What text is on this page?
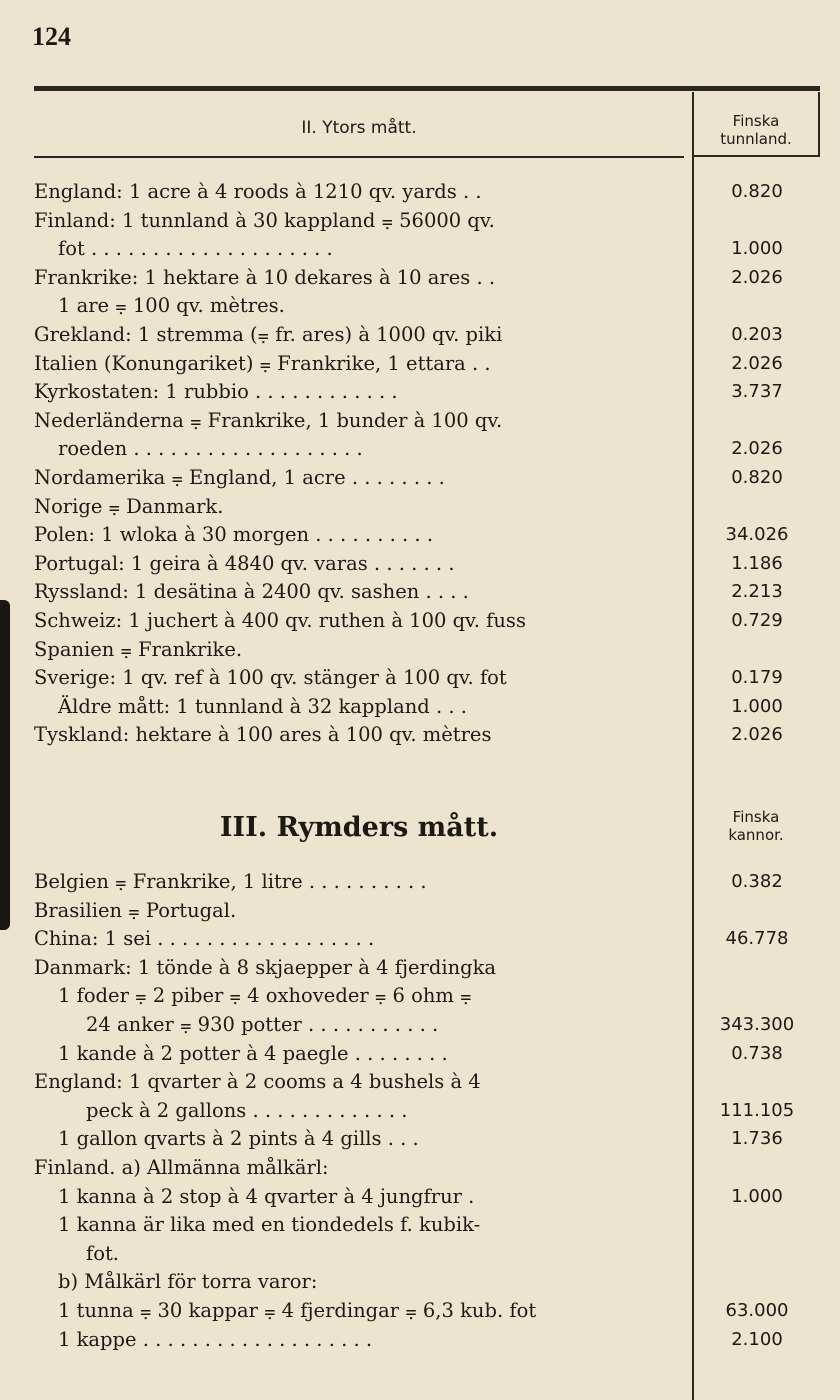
124
II. Ytors mått.	Finska
tunnland.
England: 1 acre à 4 roods à 1210 qv. yards . .	0.820
Finland: 1 tunnland à 30 kappland ⩦ 56000 qv.
fot . . . . . . . . . . . . . . . . . . . .	1.000
Frankrike: 1 hektare à 10 dekares à 10 ares . .	2.026
1 are ⩦ 100 qv. mètres.
Grekland: 1 stremma (⩦ fr. ares) à 1000 qv. piki	0.203
Italien (Konungariket) ⩦ Frankrike, 1 ettara . .	2.026
Kyrkostaten: 1 rubbio . . . . . . . . . . . .	3.737
Nederländerna ⩦ Frankrike, 1 bunder à 100 qv.
roeden . . . . . . . . . . . . . . . . . . .	2.026
Nordamerika ⩦ England, 1 acre . . . . . . . .	0.820
Norige ⩦ Danmark.
Polen: 1 wloka à 30 morgen . . . . . . . . . .	34.026
Portugal: 1 geira à 4840 qv. varas . . . . . . .	1.186
Ryssland: 1 desätina à 2400 qv. sashen . . . .	2.213
Schweiz: 1 juchert à 400 qv. ruthen à 100 qv. fuss	0.729
Spanien ⩦ Frankrike.
Sverige: 1 qv. ref à 100 qv. stänger à 100 qv. fot	0.179
Äldre mått: 1 tunnland à 32 kappland . . .	1.000
Tyskland: hektare à 100 ares à 100 qv. mètres	2.026
III. Rymders mått.	Finska
kannor.
Belgien ⩦ Frankrike, 1 litre . . . . . . . . . .	0.382
Brasilien ⩦ Portugal.
China: 1 sei . . . . . . . . . . . . . . . . . .	46.778
Danmark: 1 tönde à 8 skjaepper à 4 fjerdingka
1 foder ⩦ 2 piber ⩦ 4 oxhoveder ⩦ 6 ohm ⩦
24 anker ⩦ 930 potter . . . . . . . . . . .	343.300
1 kande à 2 potter à 4 paegle . . . . . . . .	0.738
England: 1 qvarter à 2 cooms a 4 bushels à 4
peck à 2 gallons . . . . . . . . . . . . .	111.105
1 gallon qvarts à 2 pints à 4 gills . . .	1.736
Finland. a) Allmänna målkärl:
1 kanna à 2 stop à 4 qvarter à 4 jungfrur .	1.000
1 kanna är lika med en tiondedels f. kubik-
fot.
b) Målkärl för torra varor:
1 tunna ⩦ 30 kappar ⩦ 4 fjerdingar ⩦ 6,3 kub. fot	63.000
1 kappe . . . . . . . . . . . . . . . . . . .	2.100
